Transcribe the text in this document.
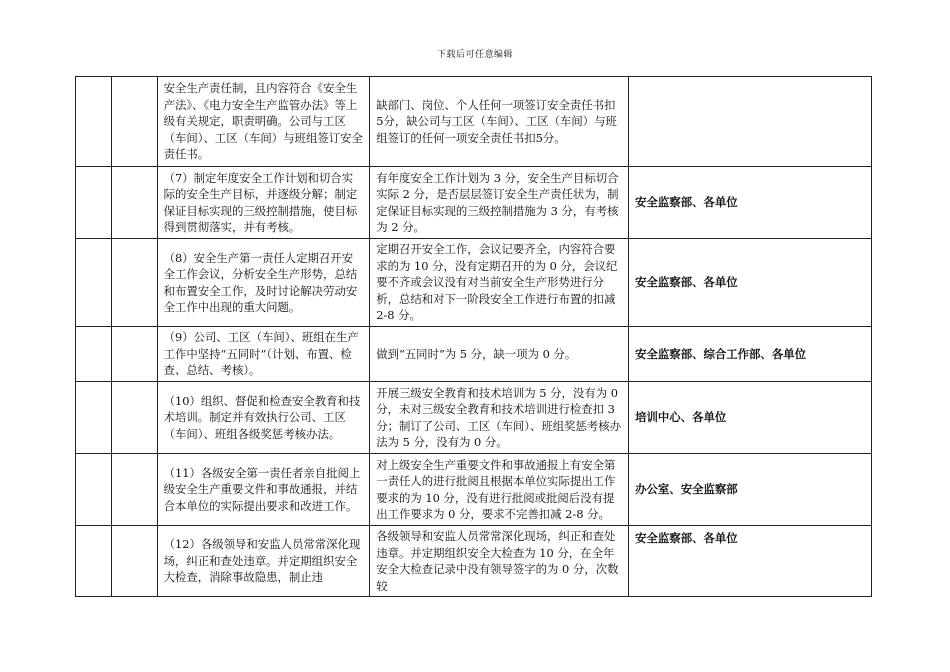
下载后可任意编辑
		安全生产责任制，且内容符合《安全生产法》、《电力安全生产监管办法》等上级有关规定，职责明确。公司与工区（车间）、工区（车间）与班组签订安全责任书。	缺部门、岗位、个人任何一项签订安全责任书扣5分，缺公司与工区（车间）、工区（车间）与班组签订的任何一项安全责任书扣5分。	
		（7）制定年度安全工作计划和切合实际的安全生产目标，并逐级分解；制定保证目标实现的三级控制措施，使目标得到贯彻落实，并有考核。	有年度安全工作计划为 3 分，安全生产目标切合实际 2 分，是否层层签订安全生产责任状为，制定保证目标实现的三级控制措施为 3 分，有考核为 2 分。	安全监察部、各单位
		（8）安全生产第一责任人定期召开安全工作会议，分析安全生产形势，总结和布置安全工作，及时讨论解决劳动安全工作中出现的重大问题。	定期召开安全工作，会议记要齐全，内容符合要求的为 10 分，没有定期召开的为 0 分，会议纪要不齐或会议没有对当前安全生产形势进行分析，总结和对下一阶段安全工作进行布置的扣减 2-8 分。	安全监察部、各单位
		（9）公司、工区（车间）、班组在生产工作中坚持“五同时”（计划、布置、检查、总结、考核）。	做到“五同时”为 5 分，缺一项为 0 分。	安全监察部、综合工作部、各单位
		（10）组织、督促和检查安全教育和技术培训。制定并有效执行公司、工区（车间）、班组各级奖惩考核办法。	开展三级安全教育和技术培训为 5 分，没有为 0 分，未对三级安全教育和技术培训进行检查扣 3 分；制订了公司、工区（车间）、班组奖惩考核办法为 5 分，没有为 0 分。	培训中心、各单位
		（11）各级安全第一责任者亲自批阅上级安全生产重要文件和事故通报，并结合本单位的实际提出要求和改进工作。	对上级安全生产重要文件和事故通报上有安全第一责任人的进行批阅且根据本单位实际提出工作要求的为 10 分，没有进行批阅或批阅后没有提出工作要求为 0 分，要求不完善扣减 2-8 分。	办公室、安全监察部
		（12）各级领导和安监人员常常深化现场，纠正和查处违章。并定期组织安全大检查，消除事故隐患，制止违	各级领导和安监人员常常深化现场，纠正和查处违章。并定期组织安全大检查为 10 分，在全年安全大检查记录中没有领导签字的为 0 分，次数较	安全监察部、各单位
